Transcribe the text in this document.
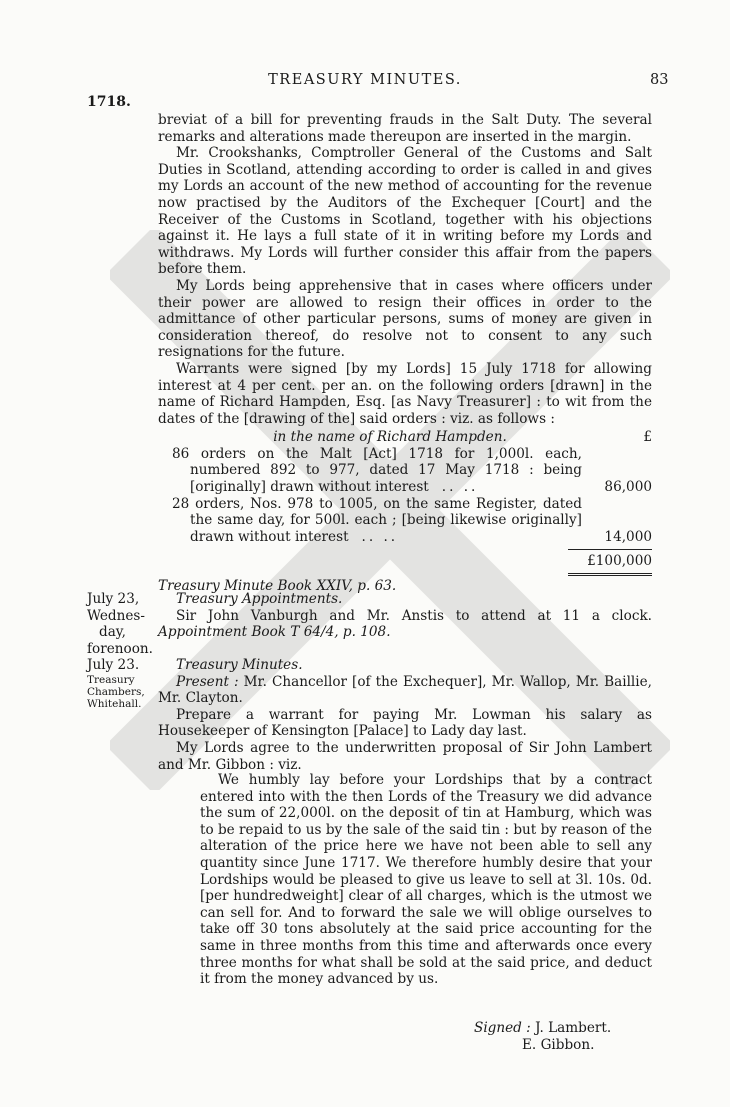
TREASURY MINUTES.	83
1718.

breviat of a bill for preventing frauds in the Salt Duty. The several remarks and alterations made thereupon are inserted in the margin.

Mr. Crookshanks, Comptroller General of the Customs and Salt Duties in Scotland, attending according to order is called in and gives my Lords an account of the new method of accounting for the revenue now practised by the Auditors of the Exchequer [Court] and the Receiver of the Customs in Scotland, together with his objections against it. He lays a full state of it in writing before my Lords and withdraws. My Lords will further consider this affair from the papers before them.

My Lords being apprehensive that in cases where officers under their power are allowed to resign their offices in order to the admittance of other particular persons, sums of money are given in consideration thereof, do resolve not to consent to any such resignations for the future.

Warrants were signed [by my Lords] 15 July 1718 for allowing interest at 4 per cent. per an. on the following orders [drawn] in the name of Richard Hampden, Esq. [as Navy Treasurer] : to wit from the dates of the [drawing of the] said orders : viz. as follows :

in the name of Richard Hampden.	£
86 orders on the Malt [Act] 1718 for 1,000l. each, numbered 892 to 977, dated 17 May 1718 : being [originally] drawn without interest .. ..	86,000
28 orders, Nos. 978 to 1005, on the same Register, dated the same day, for 500l. each ; [being likewise originally] drawn without interest .. ..	14,000
£100,000

Treasury Minute Book XXIV, p. 63.

July 23,
Wednes-
day,
forenoon.

Treasury Appointments.

Sir John Vanburgh and Mr. Anstis to attend at 11 a clock. Appointment Book T 64/4, p. 108.

July 23.
Treasury
Chambers,
Whitehall.

Treasury Minutes.

Present : Mr. Chancellor [of the Exchequer], Mr. Wallop, Mr. Baillie, Mr. Clayton.

Prepare a warrant for paying Mr. Lowman his salary as Housekeeper of Kensington [Palace] to Lady day last.

My Lords agree to the underwritten proposal of Sir John Lambert and Mr. Gibbon : viz.

We humbly lay before your Lordships that by a contract entered into with the then Lords of the Treasury we did advance the sum of 22,000l. on the deposit of tin at Hamburg, which was to be repaid to us by the sale of the said tin : but by reason of the alteration of the price here we have not been able to sell any quantity since June 1717. We therefore humbly desire that your Lordships would be pleased to give us leave to sell at 3l. 10s. 0d. [per hundredweight] clear of all charges, which is the utmost we can sell for. And to forward the sale we will oblige ourselves to take off 30 tons absolutely at the said price accounting for the same in three months from this time and afterwards once every three months for what shall be sold at the said price, and deduct it from the money advanced by us.

Signed : J. Lambert.
E. Gibbon.
